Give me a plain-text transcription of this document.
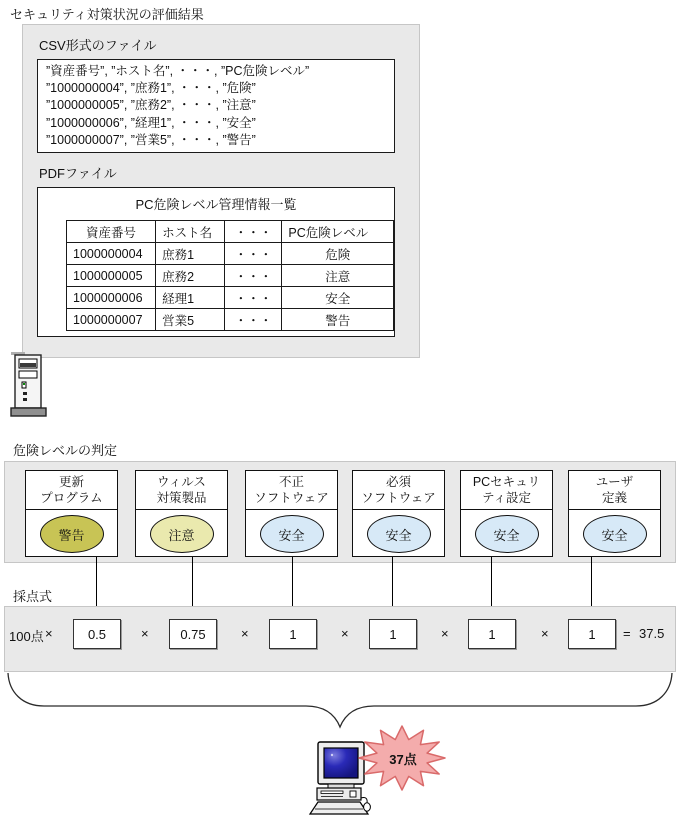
セキュリティ対策状況の評価結果
CSV形式のファイル
”資産番号”, ”ホスト名”, ・・・, ”PC危険レベル”
”1000000004”, ”庶務1”, ・・・, ”危険”
”1000000005”, ”庶務2”, ・・・, ”注意”
”1000000006”, ”経理1”, ・・・, ”安全”
”1000000007”, ”営業5”, ・・・, ”警告”
PDFファイル
PC危険レベル管理情報一覧
資産番号	ホスト名	・・・	PC危険レベル
1000000004	庶務1	・・・	危険
1000000005	庶務2	・・・	注意
1000000006	経理1	・・・	安全
1000000007	営業5	・・・	警告
危険レベルの判定
更新
プログラム
警告
ウィルス
対策製品
注意
不正
ソフトウェア
安全
必須
ソフトウェア
安全
PCセキュリ
ティ設定
安全
ユーザ
定義
安全
採点式
100点 ×	0.5	×	0.75	×	1	×	1	×	1	×	1	= 37.5
37点
